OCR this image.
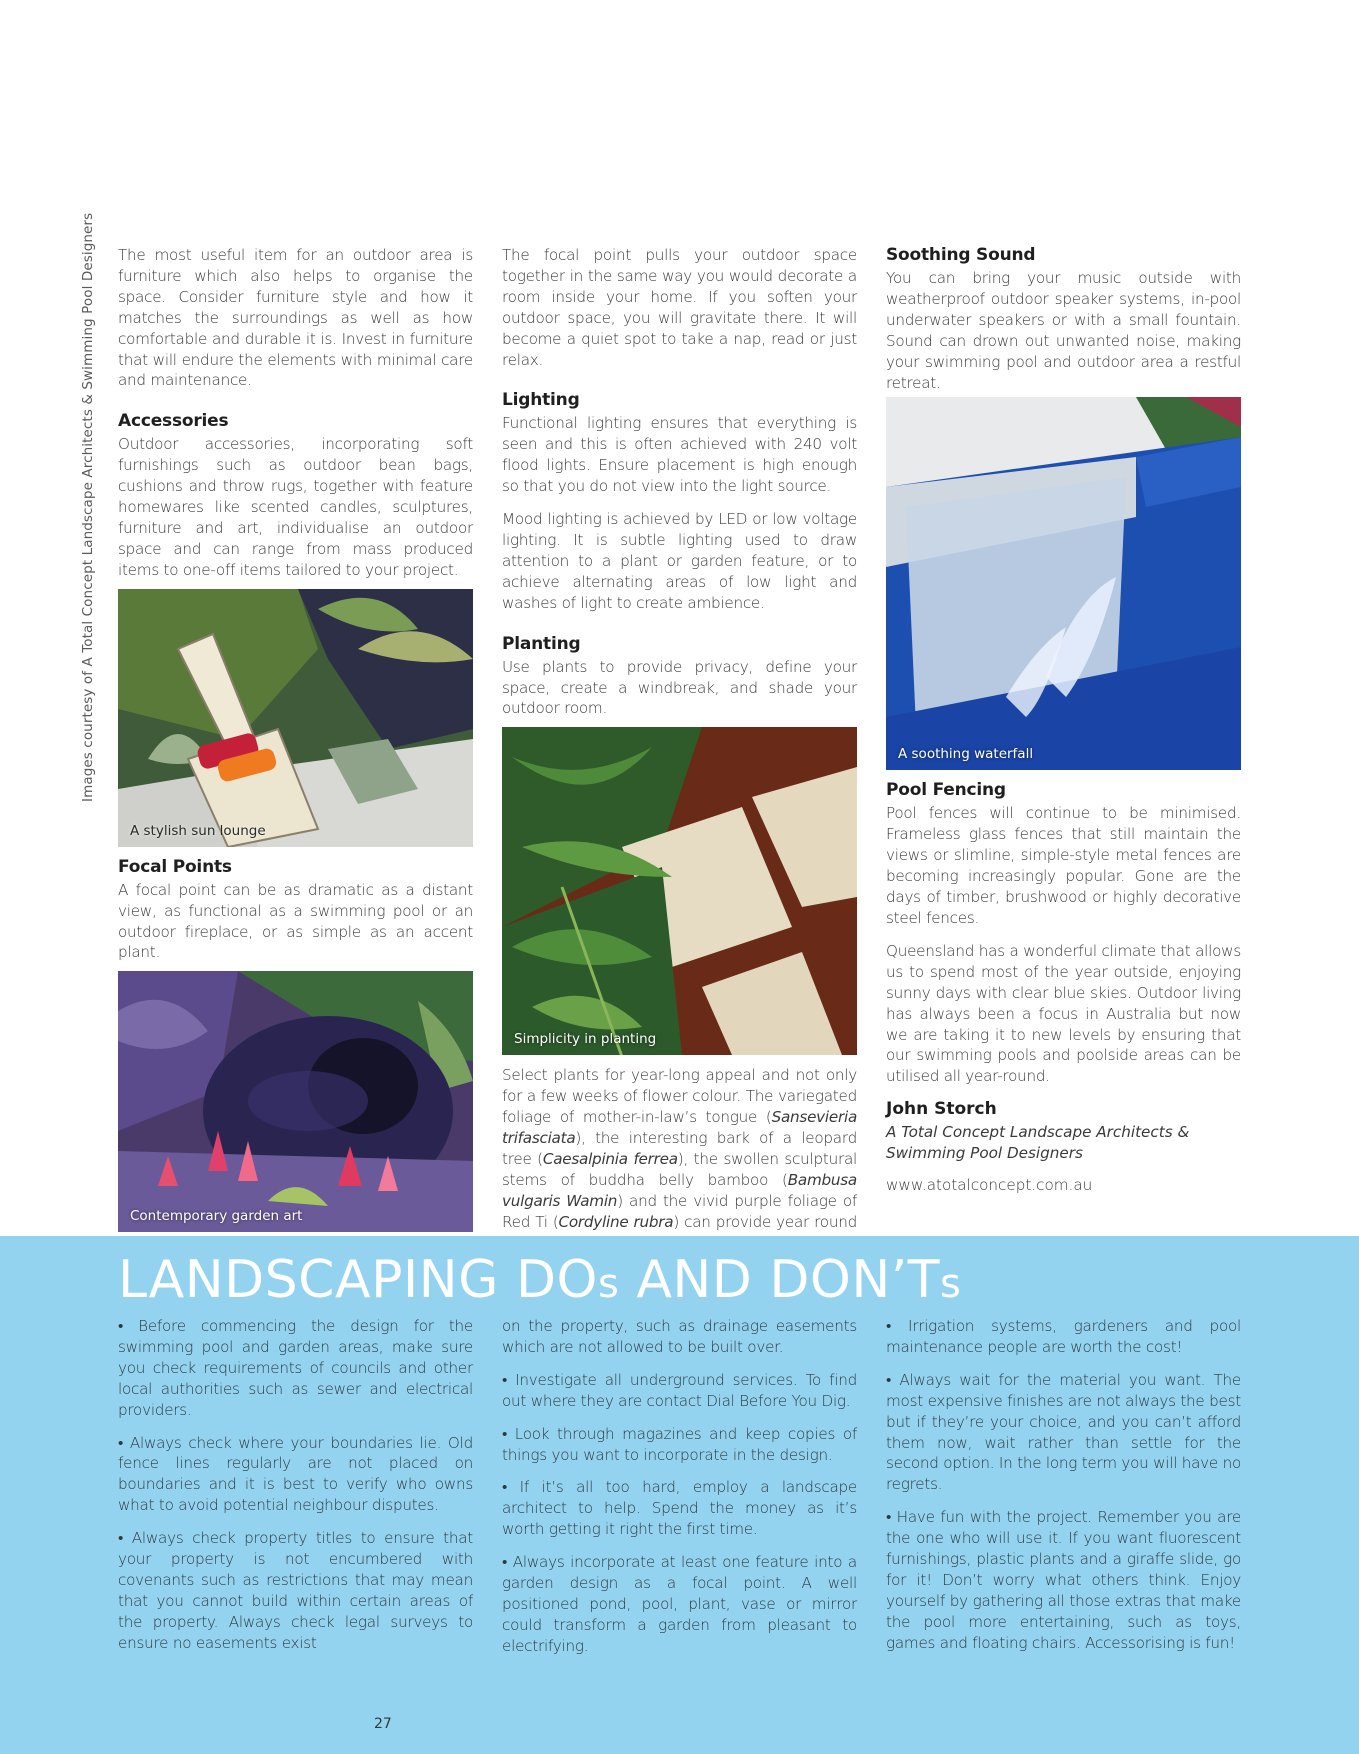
Images courtesy of A Total Concept Landscape Architects & Swimming Pool Designers The most useful item for an outdoor area is furniture which also helps to organise the space. Consider furniture style and how it matches the surroundings as well as how comfortable and durable it is. Invest in furniture that will endure the elements with minimal care and maintenance.

Accessories

Outdoor accessories, incorporating soft furnishings such as outdoor bean bags, cushions and throw rugs, together with feature homewares like scented candles, sculptures, furniture and art, individualise an outdoor space and can range from mass produced items to one-off items tailored to your project.

A stylish sun lounge
Focal Points

A focal point can be as dramatic as a distant view, as functional as a swimming pool or an outdoor fireplace, or as simple as an accent plant.

Contemporary garden art

The focal point pulls your outdoor space together in the same way you would decorate a room inside your home. If you soften your outdoor space, you will gravitate there. It will become a quiet spot to take a nap, read or just relax.

Lighting

Functional lighting ensures that everything is seen and this is often achieved with 240 volt flood lights. Ensure placement is high enough so that you do not view into the light source.

Mood lighting is achieved by LED or low voltage lighting. It is subtle lighting used to draw attention to a plant or garden feature, or to achieve alternating areas of low light and washes of light to create ambience.

Planting

Use plants to provide privacy, define your space, create a windbreak, and shade your outdoor room.

Simplicity in planting

Select plants for year-long appeal and not only for a few weeks of flower colour. The variegated foliage of mother-in-law’s tongue (Sansevieria trifasciata), the interesting bark of a leopard tree (Caesalpinia ferrea), the swollen sculptural stems of buddha belly bamboo (Bambusa vulgaris Wamin) and the vivid purple foliage of Red Ti (Cordyline rubra) can provide year round

Soothing Sound

You can bring your music outside with weatherproof outdoor speaker systems, in-pool underwater speakers or with a small fountain. Sound can drown out unwanted noise, making your swimming pool and outdoor area a restful retreat.

A soothing waterfall
Pool Fencing

Pool fences will continue to be minimised. Frameless glass fences that still maintain the views or slimline, simple-style metal fences are becoming increasingly popular. Gone are the days of timber, brushwood or highly decorative steel fences.

Queensland has a wonderful climate that allows us to spend most of the year outside, enjoying sunny days with clear blue skies. Outdoor living has always been a focus in Australia but now we are taking it to new levels by ensuring that our swimming pools and poolside areas can be utilised all year-round.

John Storch
A Total Concept Landscape Architects & Swimming Pool Designers
www.atotalconcept.com.au
LANDSCAPING DOs AND DON’Ts

• Before commencing the design for the swimming pool and garden areas, make sure you check requirements of councils and other local authorities such as sewer and electrical providers.

• Always check where your boundaries lie. Old fence lines regularly are not placed on boundaries and it is best to verify who owns what to avoid potential neighbour disputes.

• Always check property titles to ensure that your property is not encumbered with covenants such as restrictions that may mean that you cannot build within certain areas of the property. Always check legal surveys to ensure no easements exist

on the property, such as drainage easements which are not allowed to be built over.

• Investigate all underground services. To find out where they are contact Dial Before You Dig.

• Look through magazines and keep copies of things you want to incorporate in the design.

• If it’s all too hard, employ a landscape architect to help. Spend the money as it’s worth getting it right the first time.

• Always incorporate at least one feature into a garden design as a focal point. A well positioned pond, pool, plant, vase or mirror could transform a garden from pleasant to electrifying.

• Irrigation systems, gardeners and pool maintenance people are worth the cost!

• Always wait for the material you want. The most expensive finishes are not always the best but if they’re your choice, and you can’t afford them now, wait rather than settle for the second option. In the long term you will have no regrets.

• Have fun with the project. Remember you are the one who will use it. If you want fluorescent furnishings, plastic plants and a giraffe slide, go for it! Don’t worry what others think. Enjoy yourself by gathering all those extras that make the pool more entertaining, such as toys, games and floating chairs. Accessorising is fun!

27
